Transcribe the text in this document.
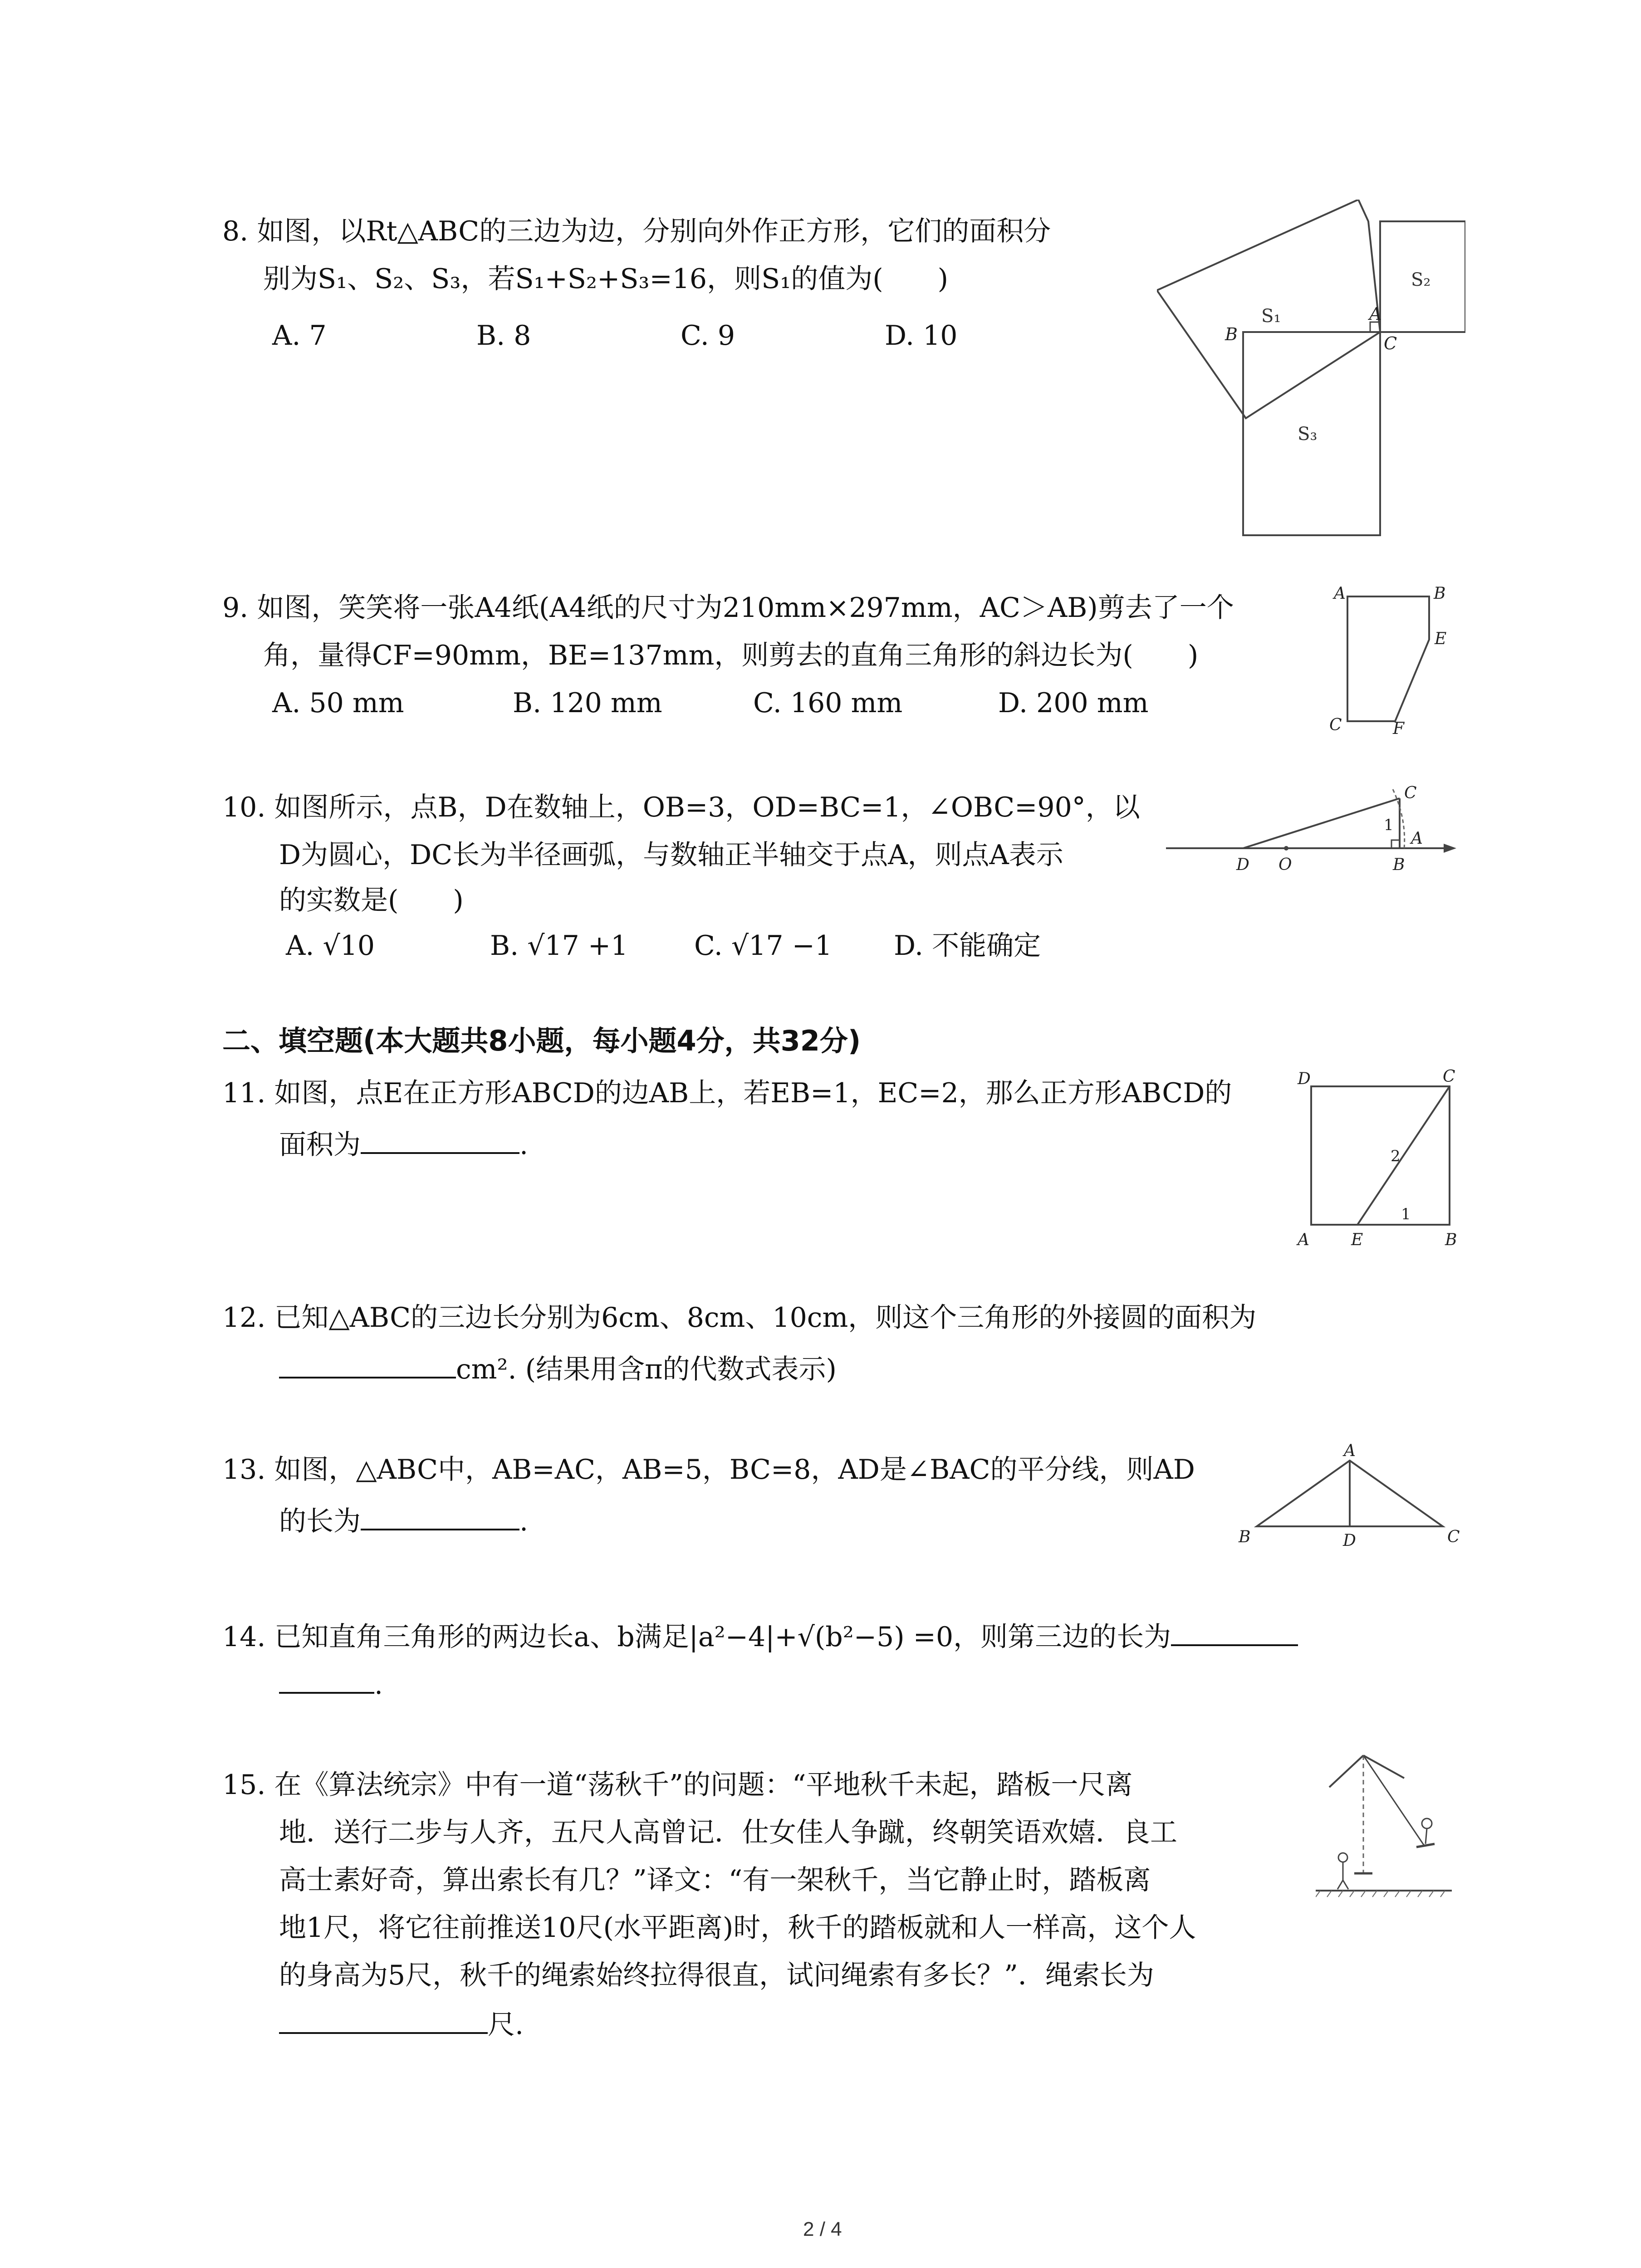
8. 如图，以Rt△ABC的三边为边，分别向外作正方形，它们的面积分
别为S₁、S₂、S₃，若S₁+S₂+S₃=16，则S₁的值为(　　)
A. 7	B. 8	C. 9	D. 10
S₁
S₂
S₃
A
B	C
9. 如图，笑笑将一张A4纸(A4纸的尺寸为210mm×297mm，AC＞AB)剪去了一个
角，量得CF=90mm，BE=137mm，则剪去的直角三角形的斜边长为(　　)
A. 50 mm	B. 120 mm	C. 160 mm	D. 200 mm
A	B
E
C	F
10. 如图所示，点B，D在数轴上，OB=3，OD=BC=1，∠OBC=90°，以
D为圆心，DC长为半径画弧，与数轴正半轴交于点A，则点A表示
的实数是(　　)
A. √10	B. √17 +1 C. √17 −1 D. 不能确定
D O	B
A
C
1
二、填空题(本大题共8小题，每小题4分，共32分)
11. 如图，点E在正方形ABCD的边AB上，若EB=1，EC=2，那么正方形ABCD的
面积为	.
D	C
A	E	B
2
1
12. 已知△ABC的三边长分别为6cm、8cm、10cm，则这个三角形的外接圆的面积为
cm². (结果用含π的代数式表示)
13. 如图，△ABC中，AB=AC，AB=5，BC=8，AD是∠BAC的平分线，则AD
的长为	.
A
B	D	C
14. 已知直角三角形的两边长a、b满足|a²−4|+√(b²−5) =0，则第三边的长为
.
15. 在《算法统宗》中有一道“荡秋千”的问题：“平地秋千未起，踏板一尺离
地．送行二步与人齐，五尺人高曾记．仕女佳人争蹴，终朝笑语欢嬉．良工
高士素好奇，算出索长有几？”译文：“有一架秋千，当它静止时，踏板离
地1尺，将它往前推送10尺(水平距离)时，秋千的踏板就和人一样高，这个人
的身高为5尺，秋千的绳索始终拉得很直，试问绳索有多长？”．绳索长为
尺.
2 / 4
